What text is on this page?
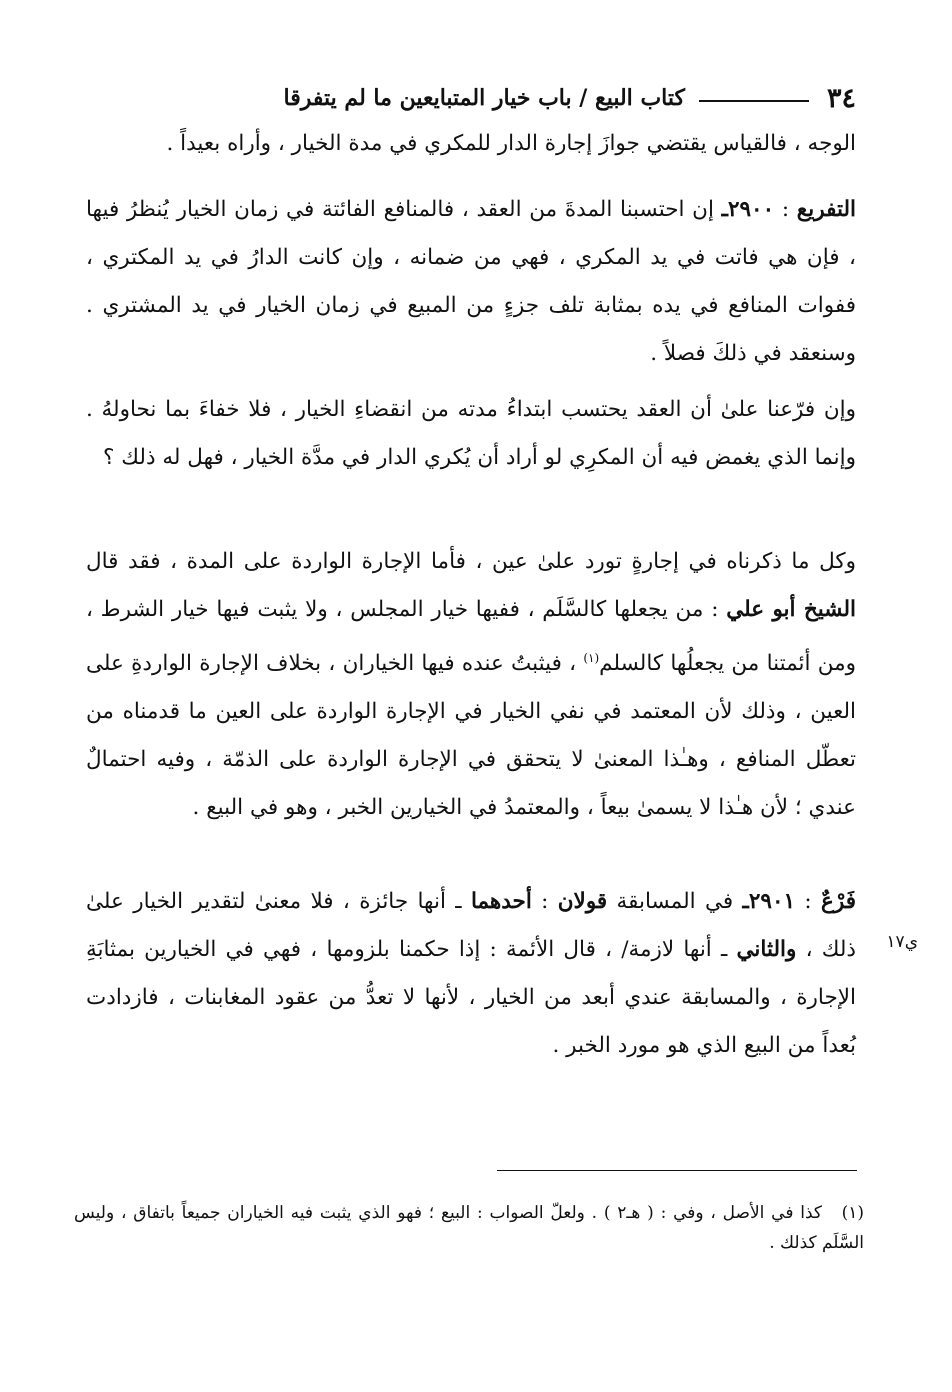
٣٤
كتاب البيع / باب خيار المتبايعين ما لم يتفرقا

الوجه ، فالقياس يقتضي جوازَ إجارة الدار للمكري في مدة الخيار ، وأراه بعيداً .

التفريع : ٢٩٠٠ـ إن احتسبنا المدةَ من العقد ، فالمنافع الفائتة في زمان الخيار يُنظرُ فيها ، فإن هي فاتت في يد المكري ، فهي من ضمانه ، وإن كانت الدارُ في يد المكتري ، ففوات المنافع في يده بمثابة تلف جزءٍ من المبيع في زمان الخيار في يد المشتري . وسنعقد في ذلكَ فصلاً .

وإن فرّعنا علىٰ أن العقد يحتسب ابتداءُ مدته من انقضاءِ الخيار ، فلا خفاءَ بما نحاولهُ . وإنما الذي يغمض فيه أن المكرِي لو أراد أن يُكري الدار في مدَّة الخيار ، فهل له ذلك ؟

وكل ما ذكرناه في إجارةٍ تورد علىٰ عين ، فأما الإجارة الواردة على المدة ، فقد قال الشيخ أبو علي : من يجعلها كالسَّلَم ، ففيها خيار المجلس ، ولا يثبت فيها خيار الشرط ، ومن أئمتنا من يجعلُها كالسلم$^{(١)}$ ، فيثبتُ عنده فيها الخياران ، بخلاف الإجارة الواردةِ على العين ، وذلك لأن المعتمد في نفي الخيار في الإجارة الواردة على العين ما قدمناه من تعطّل المنافع ، وهـٰذا المعنىٰ لا يتحقق في الإجارة الواردة على الذمّة ، وفيه احتمالٌ عندي ؛ لأن هـٰذا لا يسمىٰ بيعاً ، والمعتمدُ في الخيارين الخبر ، وهو في البيع .

فَرْعٌ : ٢٩٠١ـ في المسابقة قولان : أحدهما ـ أنها جائزة ، فلا معنىٰ لتقدير الخيار علىٰ ذلك ، والثاني ـ أنها لازمة/ ، قال الأئمة : إذا حكمنا بلزومها ، فهي في الخيارين بمثابَةِ الإجارة ، والمسابقة عندي أبعد من الخيار ، لأنها لا تعدُّ من عقود المغابنات ، فازدادت بُعداً من البيع الذي هو مورد الخبر .

ي١٧
(١)كذا في الأصل ، وفي : ( هـ٢ ) . ولعلّ الصواب : البيع ؛ فهو الذي يثبت فيه الخياران جميعاً باتفاق ، وليس السَّلَم كذلك .
